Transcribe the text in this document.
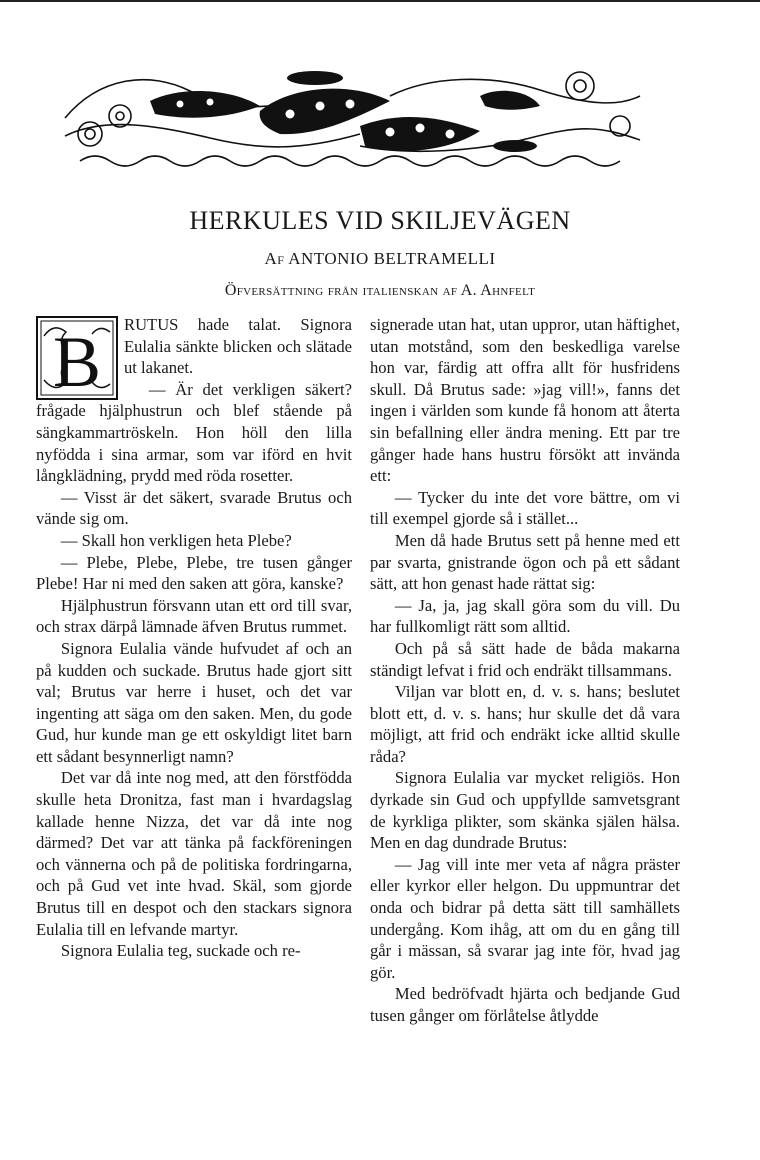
HERKULES VID SKILJEVÄGEN
Af ANTONIO BELTRAMELLI
Öfversättning från italienskan af A. Ahnfelt

B RUTUS hade talat. Signora Eulalia sänkte blicken och slätade ut lakanet.

— Är det verkligen säkert? frågade hjälphustrun och blef stående på sängkammartröskeln. Hon höll den lilla nyfödda i sina armar, som var iförd en hvit långklädning, prydd med röda rosetter.

— Visst är det säkert, svarade Brutus och vände sig om.

— Skall hon verkligen heta Plebe?

— Plebe, Plebe, Plebe, tre tusen gånger Plebe! Har ni med den saken att göra, kanske?

Hjälphustrun försvann utan ett ord till svar, och strax därpå lämnade äfven Brutus rummet.

Signora Eulalia vände hufvudet af och an på kudden och suckade. Brutus hade gjort sitt val; Brutus var herre i huset, och det var ingenting att säga om den saken. Men, du gode Gud, hur kunde man ge ett oskyldigt litet barn ett sådant besynnerligt namn?

Det var då inte nog med, att den förstfödda skulle heta Dronitza, fast man i hvardagslag kallade henne Nizza, det var då inte nog därmed? Det var att tänka på fackföreningen och vännerna och på de politiska fordringarna, och på Gud vet inte hvad. Skäl, som gjorde Brutus till en despot och den stackars signora Eulalia till en lefvande martyr.

Signora Eulalia teg, suckade och re-

signerade utan hat, utan uppror, utan häftighet, utan motstånd, som den beskedliga varelse hon var, färdig att offra allt för husfridens skull. Då Brutus sade: »jag vill!», fanns det ingen i världen som kunde få honom att återta sin befallning eller ändra mening. Ett par tre gånger hade hans hustru försökt att invända ett:

— Tycker du inte det vore bättre, om vi till exempel gjorde så i stället...

Men då hade Brutus sett på henne med ett par svarta, gnistrande ögon och på ett sådant sätt, att hon genast hade rättat sig:

— Ja, ja, jag skall göra som du vill. Du har fullkomligt rätt som alltid.

Och på så sätt hade de båda makarna ständigt lefvat i frid och endräkt tillsammans.

Viljan var blott en, d. v. s. hans; beslutet blott ett, d. v. s. hans; hur skulle det då vara möjligt, att frid och endräkt icke alltid skulle råda?

Signora Eulalia var mycket religiös. Hon dyrkade sin Gud och uppfyllde samvetsgrant de kyrkliga plikter, som skänka själen hälsa. Men en dag dundrade Brutus:

— Jag vill inte mer veta af några präster eller kyrkor eller helgon. Du uppmuntrar det onda och bidrar på detta sätt till samhällets undergång. Kom ihåg, att om du en gång till går i mässan, så svarar jag inte för, hvad jag gör.

Med bedröfvadt hjärta och bedjande Gud tusen gånger om förlåtelse åtlydde
